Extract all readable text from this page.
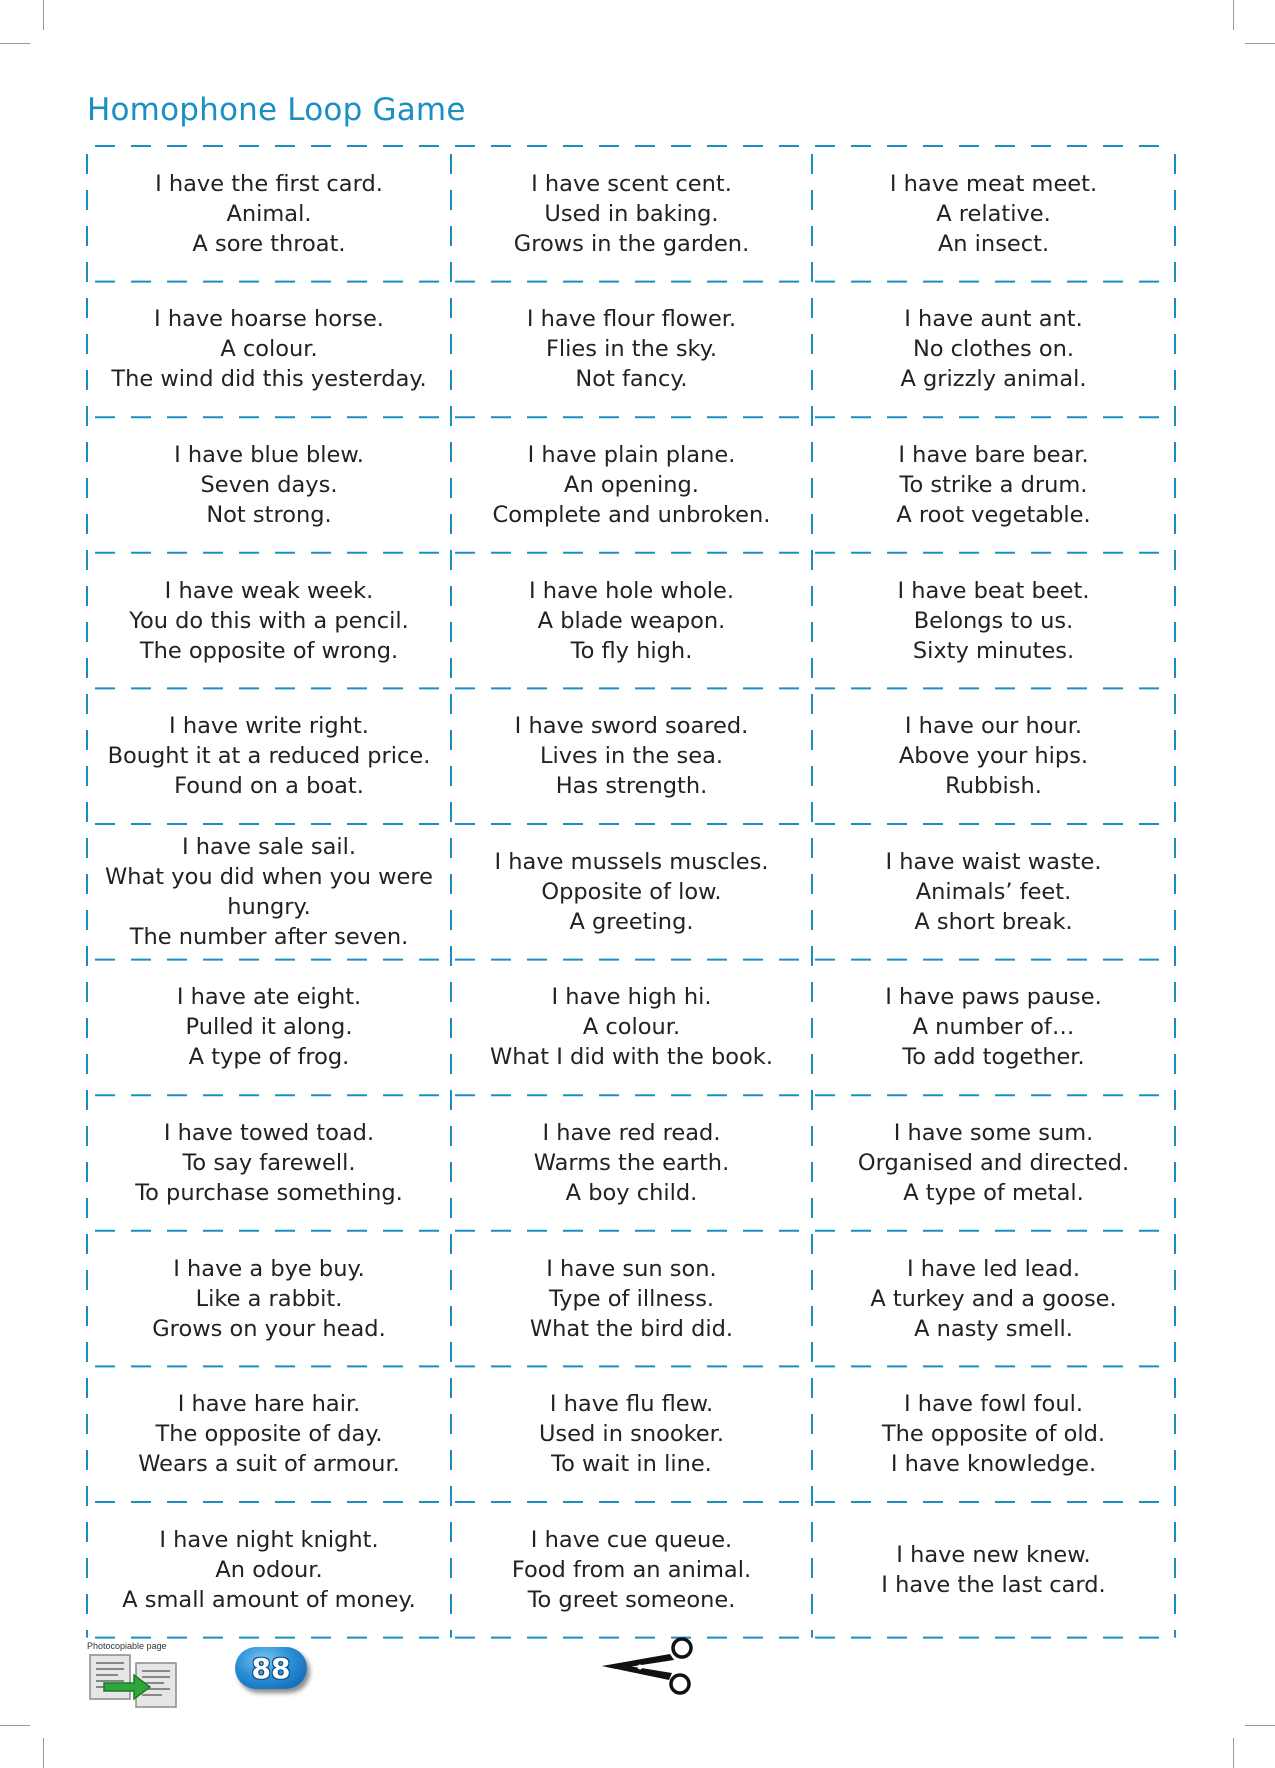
Homophone Loop Game
I have the first card.
Animal.
A sore throat.
I have scent cent.
Used in baking.
Grows in the garden.
I have meat meet.
A relative.
An insect.
I have hoarse horse.
A colour.
The wind did this yesterday.
I have flour flower.
Flies in the sky.
Not fancy.
I have aunt ant.
No clothes on.
A grizzly animal.
I have blue blew.
Seven days.
Not strong.
I have plain plane.
An opening.
Complete and unbroken.
I have bare bear.
To strike a drum.
A root vegetable.
I have weak week.
You do this with a pencil.
The opposite of wrong.
I have hole whole.
A blade weapon.
To fly high.
I have beat beet.
Belongs to us.
Sixty minutes.
I have write right.
Bought it at a reduced price.
Found on a boat.
I have sword soared.
Lives in the sea.
Has strength.
I have our hour.
Above your hips.
Rubbish.
I have sale sail.
What you did when you were
hungry.
The number after seven.
I have mussels muscles.
Opposite of low.
A greeting.
I have waist waste.
Animals’ feet.
A short break.
I have ate eight.
Pulled it along.
A type of frog.
I have high hi.
A colour.
What I did with the book.
I have paws pause.
A number of…
To add together.
I have towed toad.
To say farewell.
To purchase something.
I have red read.
Warms the earth.
A boy child.
I have some sum.
Organised and directed.
A type of metal.
I have a bye buy.
Like a rabbit.
Grows on your head.
I have sun son.
Type of illness.
What the bird did.
I have led lead.
A turkey and a goose.
A nasty smell.
I have hare hair.
The opposite of day.
Wears a suit of armour.
I have flu flew.
Used in snooker.
To wait in line.
I have fowl foul.
The opposite of old.
I have knowledge.
I have night knight.
An odour.
A small amount of money.
I have cue queue.
Food from an animal.
To greet someone.
I have new knew.
I have the last card.
Photocopiable page
88
